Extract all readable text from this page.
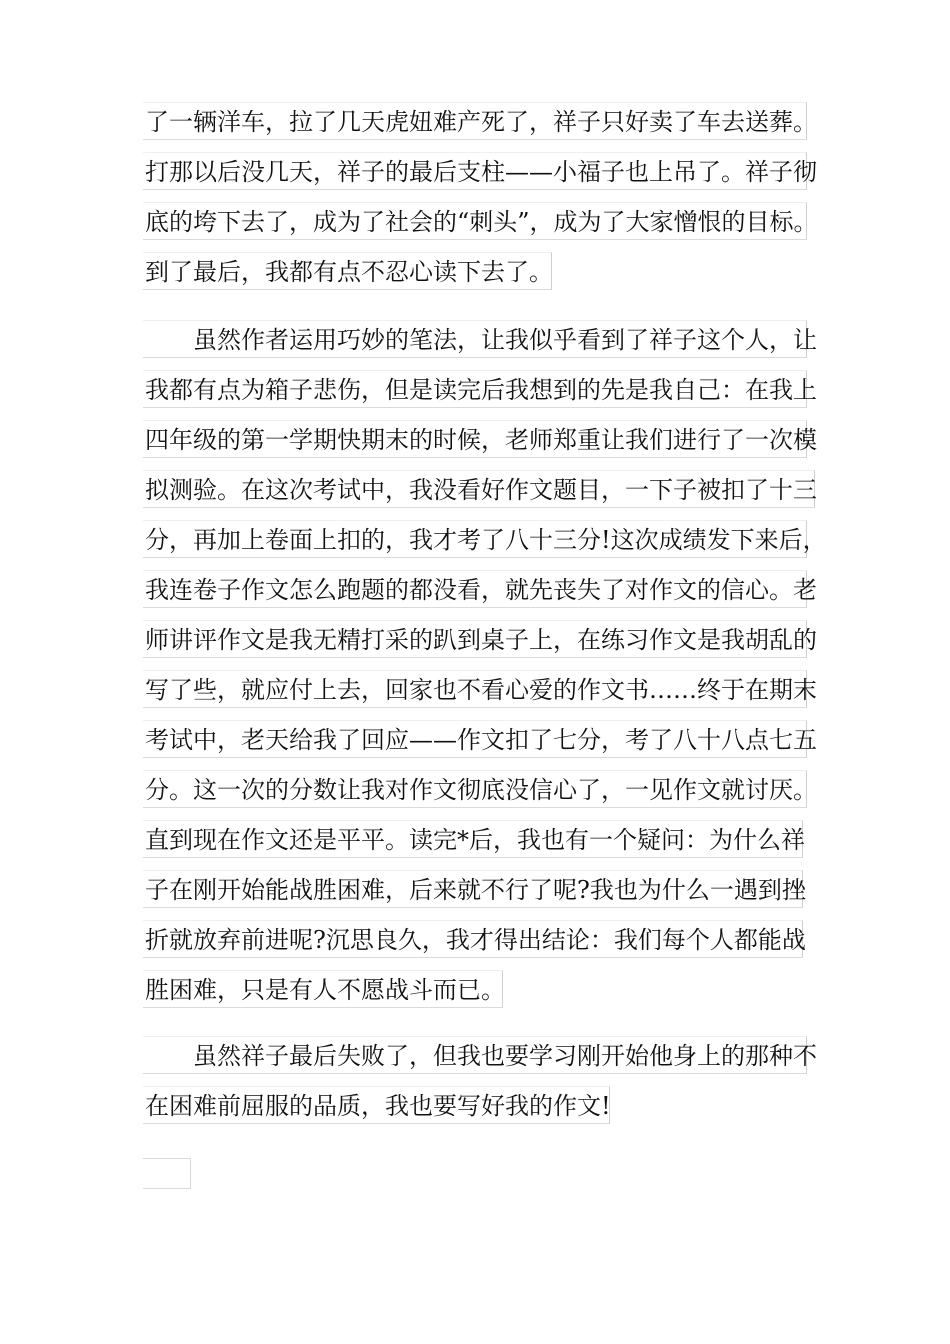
了一辆洋车，拉了几天虎妞难产死了，祥子只好卖了车去送葬。
打那以后没几天，祥子的最后支柱——小福子也上吊了。祥子彻
底的垮下去了，成为了社会的“刺头”，成为了大家憎恨的目标。
到了最后，我都有点不忍心读下去了。
虽然作者运用巧妙的笔法，让我似乎看到了祥子这个人，让
我都有点为箱子悲伤，但是读完后我想到的先是我自己：在我上
四年级的第一学期快期末的时候，老师郑重让我们进行了一次模
拟测验。在这次考试中，我没看好作文题目，一下子被扣了十三
分，再加上卷面上扣的，我才考了八十三分!这次成绩发下来后，
我连卷子作文怎么跑题的都没看，就先丧失了对作文的信心。老
师讲评作文是我无精打采的趴到桌子上，在练习作文是我胡乱的
写了些，就应付上去，回家也不看心爱的作文书……终于在期末
考试中，老天给我了回应——作文扣了七分，考了八十八点七五
分。这一次的分数让我对作文彻底没信心了，一见作文就讨厌。
直到现在作文还是平平。读完*后，我也有一个疑问：为什么祥
子在刚开始能战胜困难，后来就不行了呢?我也为什么一遇到挫
折就放弃前进呢?沉思良久，我才得出结论：我们每个人都能战
胜困难，只是有人不愿战斗而已。
虽然祥子最后失败了，但我也要学习刚开始他身上的那种不
在困难前屈服的品质，我也要写好我的作文!
